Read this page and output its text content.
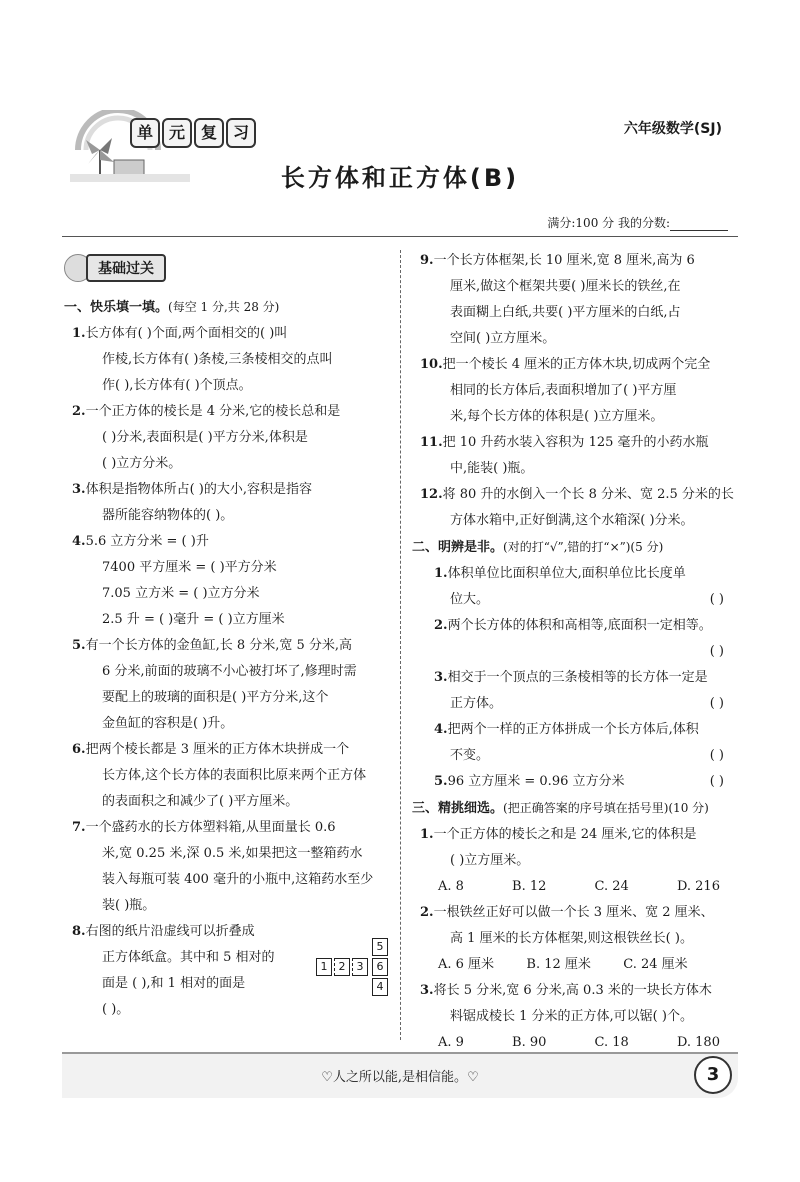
单 元 复 习	六年级数学(SJ)
长方体和正方体(B)
满分:100 分 我的分数:
基础过关

一、快乐填一填。(每空 1 分,共 28 分)

1.长方体有( )个面,两个面相交的( )叫

作棱,长方体有( )条棱,三条棱相交的点叫

作( ),长方体有( )个顶点。

2.一个正方体的棱长是 4 分米,它的棱长总和是

( )分米,表面积是( )平方分米,体积是

( )立方分米。

3.体积是指物体所占( )的大小,容积是指容

器所能容纳物体的( )。

4.5.6 立方分米 = ( )升

7400 平方厘米 = ( )平方分米

7.05 立方米 = ( )立方分米

2.5 升 = ( )毫升 = ( )立方厘米

5.有一个长方体的金鱼缸,长 8 分米,宽 5 分米,高

6 分米,前面的玻璃不小心被打坏了,修理时需

要配上的玻璃的面积是( )平方分米,这个

金鱼缸的容积是( )升。

6.把两个棱长都是 3 厘米的正方体木块拼成一个

长方体,这个长方体的表面积比原来两个正方体

的表面积之和减少了( )平方厘米。

7.一个盛药水的长方体塑料箱,从里面量长 0.6

米,宽 0.25 米,深 0.5 米,如果把这一整箱药水

装入每瓶可装 400 毫升的小瓶中,这箱药水至少

装( )瓶。

8.右图的纸片沿虚线可以折叠成

正方体纸盒。其中和 5 相对的

面是 ( ),和 1 相对的面是

( )。

5
1	2	3	6
4

9.一个长方体框架,长 10 厘米,宽 8 厘米,高为 6

厘米,做这个框架共要( )厘米长的铁丝,在

表面糊上白纸,共要( )平方厘米的白纸,占

空间( )立方厘米。

10.把一个棱长 4 厘米的正方体木块,切成两个完全

相同的长方体后,表面积增加了( )平方厘

米,每个长方体的体积是( )立方厘米。

11.把 10 升药水装入容积为 125 毫升的小药水瓶

中,能装( )瓶。

12.将 80 升的水倒入一个长 8 分米、宽 2.5 分米的长

方体水箱中,正好倒满,这个水箱深( )分米。

二、明辨是非。(对的打“√”,错的打“×”)(5 分)

1.体积单位比面积单位大,面积单位比长度单

位大。	( )

2.两个长方体的体积和高相等,底面积一定相等。

( )

3.相交于一个顶点的三条棱相等的长方体一定是

正方体。	( )

4.把两个一样的正方体拼成一个长方体后,体积

不变。	( )

5.96 立方厘米 = 0.96 立方分米	( )

三、精挑细选。(把正确答案的序号填在括号里)(10 分)

1.一个正方体的棱长之和是 24 厘米,它的体积是

( )立方厘米。

A. 8	B. 12	C. 24	D. 216

2.一根铁丝正好可以做一个长 3 厘米、宽 2 厘米、

高 1 厘米的长方体框架,则这根铁丝长( )。

A. 6 厘米 B. 12 厘米 C. 24 厘米

3.将长 5 分米,宽 6 分米,高 0.3 米的一块长方体木

料锯成棱长 1 分米的正方体,可以锯( )个。

A. 9	B. 90	C. 18	D. 180

♡人之所以能,是相信能。♡	3
